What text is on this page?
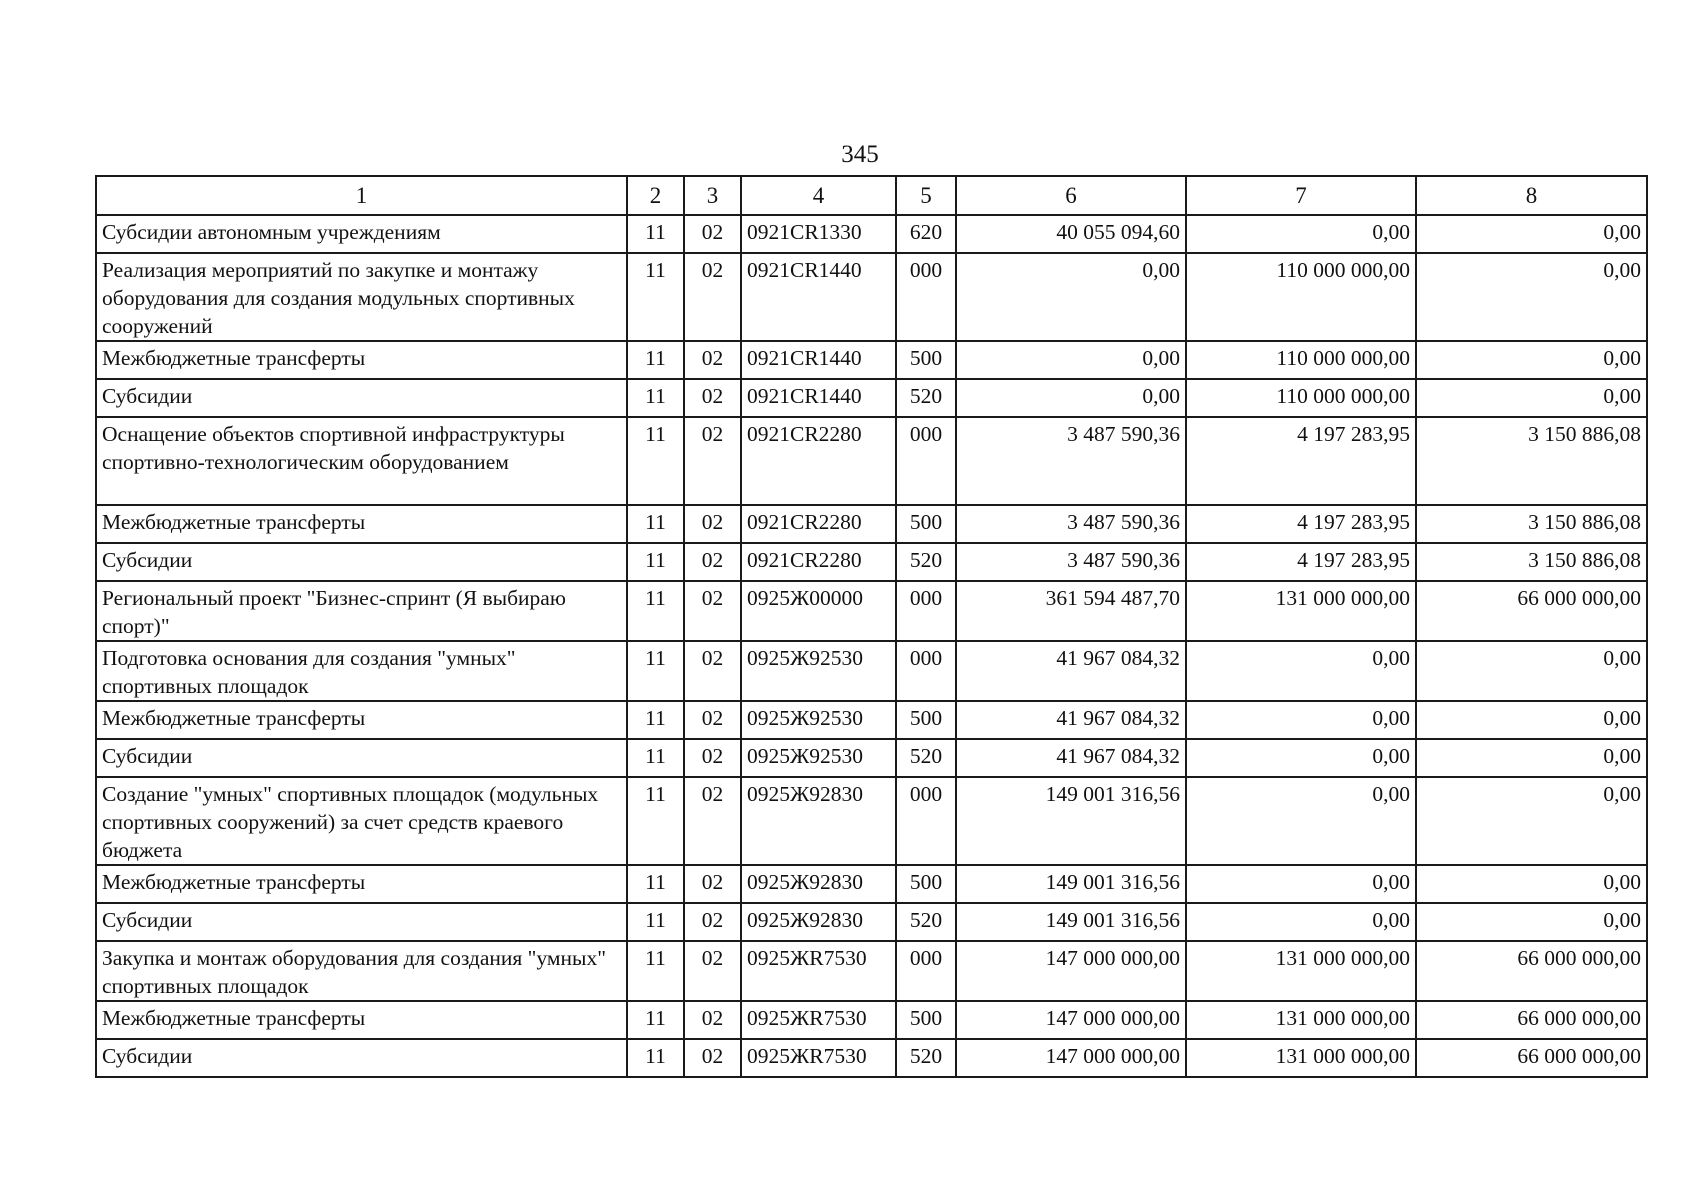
345
1	2	3	4	5	6	7	8
Субсидии автономным учреждениям	11	02	0921CR1330	620	40 055 094,60	0,00	0,00
Реализация мероприятий по закупке и монтажу оборудования для создания модульных спортивных сооружений	11	02	0921CR1440	000	0,00	110 000 000,00	0,00
Межбюджетные трансферты	11	02	0921CR1440	500	0,00	110 000 000,00	0,00
Субсидии	11	02	0921CR1440	520	0,00	110 000 000,00	0,00
Оснащение объектов спортивной инфраструктуры спортивно-технологическим оборудованием	11	02	0921CR2280	000	3 487 590,36	4 197 283,95	3 150 886,08
Межбюджетные трансферты	11	02	0921CR2280	500	3 487 590,36	4 197 283,95	3 150 886,08
Субсидии	11	02	0921CR2280	520	3 487 590,36	4 197 283,95	3 150 886,08
Региональный проект "Бизнес-спринт (Я выбираю спорт)"	11	02	0925Ж00000	000	361 594 487,70	131 000 000,00	66 000 000,00
Подготовка основания для создания "умных" спортивных площадок	11	02	0925Ж92530	000	41 967 084,32	0,00	0,00
Межбюджетные трансферты	11	02	0925Ж92530	500	41 967 084,32	0,00	0,00
Субсидии	11	02	0925Ж92530	520	41 967 084,32	0,00	0,00
Создание "умных" спортивных площадок (модульных спортивных сооружений) за счет средств краевого бюджета	11	02	0925Ж92830	000	149 001 316,56	0,00	0,00
Межбюджетные трансферты	11	02	0925Ж92830	500	149 001 316,56	0,00	0,00
Субсидии	11	02	0925Ж92830	520	149 001 316,56	0,00	0,00
Закупка и монтаж оборудования для создания "умных" спортивных площадок	11	02	0925ЖR7530	000	147 000 000,00	131 000 000,00	66 000 000,00
Межбюджетные трансферты	11	02	0925ЖR7530	500	147 000 000,00	131 000 000,00	66 000 000,00
Субсидии	11	02	0925ЖR7530	520	147 000 000,00	131 000 000,00	66 000 000,00
